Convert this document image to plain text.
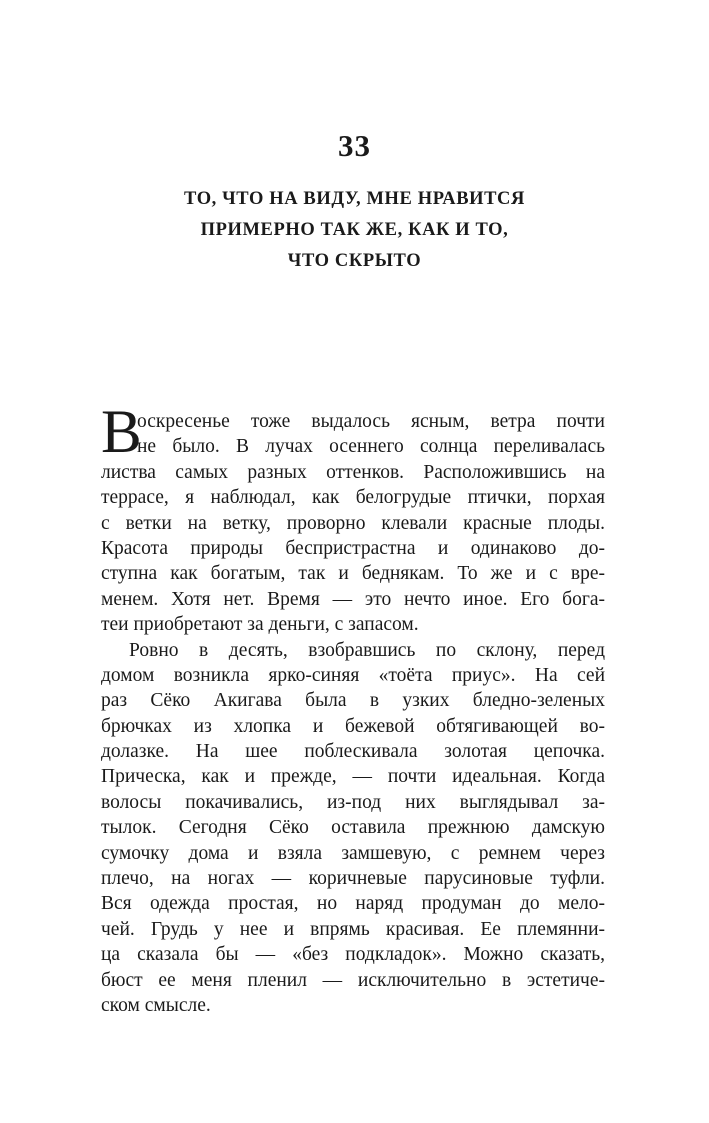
33
ТО, ЧТО НА ВИДУ, МНЕ НРАВИТСЯ
ПРИМЕРНО ТАК ЖЕ, КАК И ТО,
ЧТО СКРЫТО
В
оскресенье тоже выдалось ясным, ветра почти
не было. В лучах осеннего солнца переливалась
листва самых разных оттенков. Расположившись на
террасе, я наблюдал, как белогрудые птички, порхая
с ветки на ветку, проворно клевали красные плоды.
Красота природы беспристрастна и одинаково до-
ступна как богатым, так и беднякам. То же и с вре-
менем. Хотя нет. Время — это нечто иное. Его бога-
теи приобретают за деньги, с запасом.
Ровно в десять, взобравшись по склону, перед
домом возникла ярко-синяя «тоёта приус». На сей
раз Сёко Акигава была в узких бледно-зеленых
брючках из хлопка и бежевой обтягивающей во-
долазке. На шее поблескивала золотая цепочка.
Прическа, как и прежде, — почти идеальная. Когда
волосы покачивались, из-под них выглядывал за-
тылок. Сегодня Сёко оставила прежнюю дамскую
сумочку дома и взяла замшевую, с ремнем через
плечо, на ногах — коричневые парусиновые туфли.
Вся одежда простая, но наряд продуман до мело-
чей. Грудь у нее и впрямь красивая. Ее племянни-
ца сказала бы — «без подкладок». Можно сказать,
бюст ее меня пленил — исключительно в эстетиче-
ском смысле.
